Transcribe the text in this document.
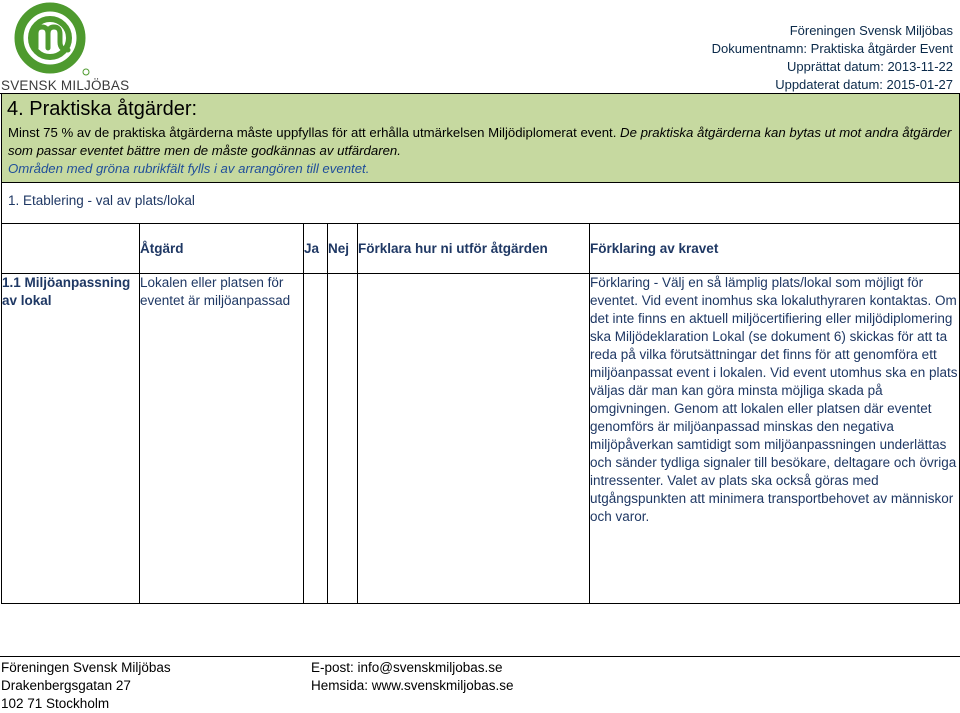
SVENSK MILJÖBAS
Föreningen Svensk Miljöbas
Dokumentnamn: Praktiska åtgärder Event
Upprättat datum: 2013-11-22
Uppdaterat datum: 2015-01-27
4. Praktiska åtgärder:
Minst 75 % av de praktiska åtgärderna måste uppfyllas för att erhålla utmärkelsen Miljödiplomerat event. De praktiska åtgärderna kan bytas ut mot andra åtgärder som passar eventet bättre men de måste godkännas av utfärdaren.
Områden med gröna rubrikfält fylls i av arrangören till eventet.					

1. Etablering - val av plats/lokal					

	Åtgärd	Ja	Nej	Förklara hur ni utför åtgärden	Förklaring av kravet
1.1 Miljöanpassning av lokal	Lokalen eller platsen för eventet är miljöanpassad				Förklaring - Välj en så lämplig plats/lokal som möjligt för eventet. Vid event inomhus ska lokaluthyraren kontaktas. Om det inte finns en aktuell miljöcertifiering eller miljödiplomering ska Miljödeklaration Lokal (se dokument 6) skickas för att ta reda på vilka förutsättningar det finns för att genomföra ett miljöanpassat event i lokalen. Vid event utomhus ska en plats väljas där man kan göra minsta möjliga skada på omgivningen. Genom att lokalen eller platsen där eventet genomförs är miljöanpassad minskas den negativa miljöpåverkan samtidigt som miljöanpassningen underlättas och sänder tydliga signaler till besökare, deltagare och övriga intressenter. Valet av plats ska också göras med utgångspunkten att minimera transportbehovet av människor och varor.
Föreningen Svensk Miljöbas
Drakenbergsgatan 27
102 71 Stockholm
E-post: info@svenskmiljobas.se
Hemsida: www.svenskmiljobas.se
